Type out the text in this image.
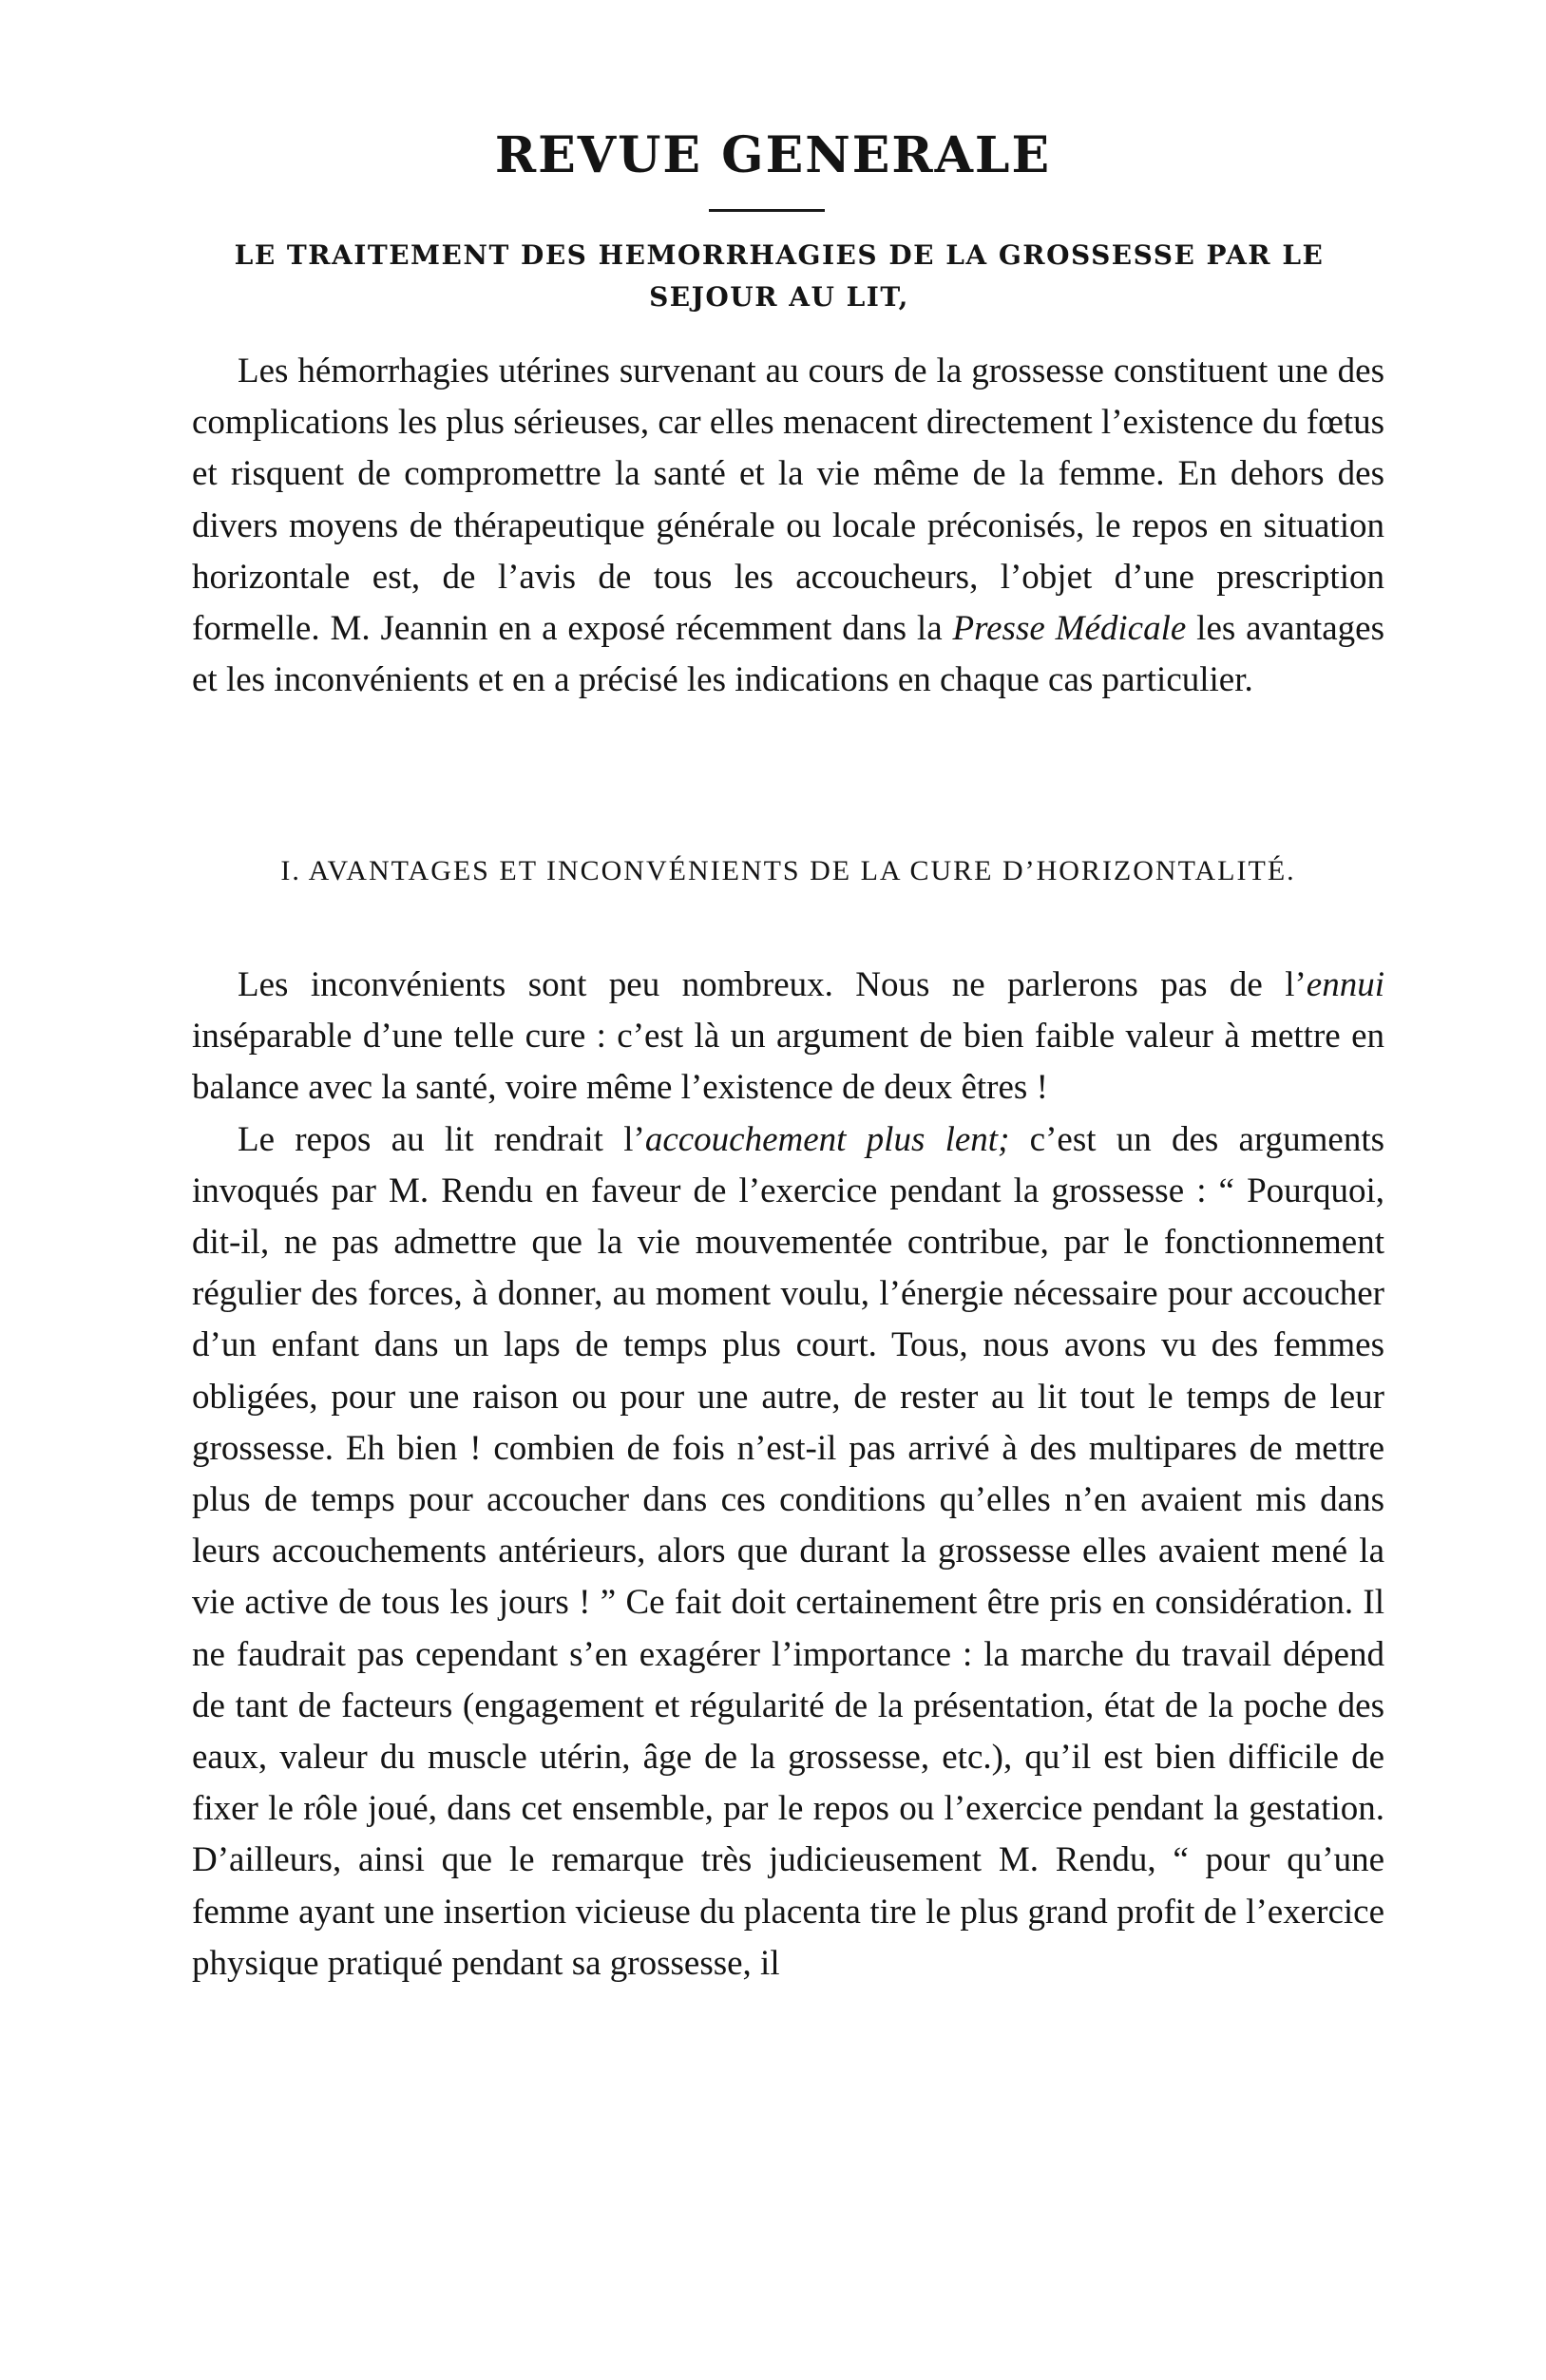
REVUE GENERALE
LE TRAITEMENT DES HEMORRHAGIES DE LA GROSSESSE PAR LE SEJOUR AU LIT,

Les hémorrhagies utérines survenant au cours de la grossesse constituent une des complications les plus sérieuses, car elles menacent directement l’existence du fœtus et risquent de compromettre la santé et la vie même de la femme. En dehors des divers moyens de thérapeutique générale ou locale préconisés, le repos en situation horizontale est, de l’avis de tous les accoucheurs, l’objet d’une prescription formelle. M. Jeannin en a exposé récemment dans la Presse Médicale les avantages et les inconvénients et en a précisé les indications en chaque cas particulier.

I. AVANTAGES ET INCONVÉNIENTS DE LA CURE D’HORIZONTALITÉ.

Les inconvénients sont peu nombreux. Nous ne parlerons pas de l’ennui inséparable d’une telle cure : c’est là un argument de bien faible valeur à mettre en balance avec la santé, voire même l’existence de deux êtres !

Le repos au lit rendrait l’accouchement plus lent; c’est un des arguments invoqués par M. Rendu en faveur de l’exercice pendant la grossesse : “ Pourquoi, dit-il, ne pas admettre que la vie mouvementée contribue, par le fonctionnement régulier des forces, à donner, au moment voulu, l’énergie nécessaire pour accoucher d’un enfant dans un laps de temps plus court. Tous, nous avons vu des femmes obligées, pour une raison ou pour une autre, de rester au lit tout le temps de leur grossesse. Eh bien ! combien de fois n’est-il pas arrivé à des multipares de mettre plus de temps pour accoucher dans ces conditions qu’elles n’en avaient mis dans leurs accouchements antérieurs, alors que durant la grossesse elles avaient mené la vie active de tous les jours ! ” Ce fait doit certainement être pris en considération. Il ne faudrait pas cependant s’en exagérer l’importance : la marche du travail dépend de tant de facteurs (engagement et régularité de la présentation, état de la poche des eaux, valeur du muscle utérin, âge de la grossesse, etc.), qu’il est bien difficile de fixer le rôle joué, dans cet ensemble, par le repos ou l’exercice pendant la gestation. D’ailleurs, ainsi que le remarque très judicieusement M. Rendu, “ pour qu’une femme ayant une insertion vicieuse du placenta tire le plus grand profit de l’exercice physique pratiqué pendant sa grossesse, il
